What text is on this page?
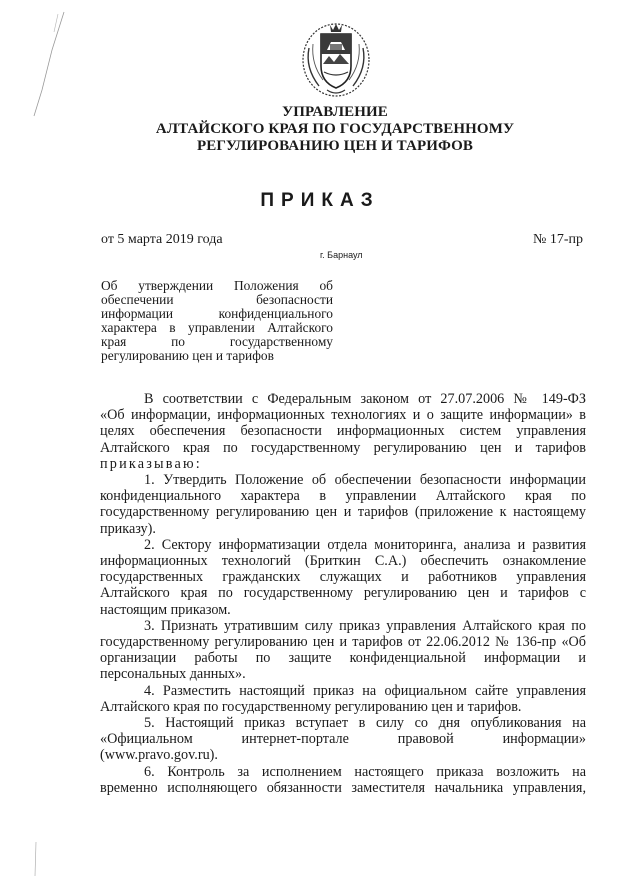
УПРАВЛЕНИЕ
АЛТАЙСКОГО КРАЯ ПО ГОСУДАРСТВЕННОМУ
РЕГУЛИРОВАНИЮ ЦЕН И ТАРИФОВ
ПРИКАЗ
от 5 марта 2019 года	№ 17-пр
г. Барнаул
Об утверждении Положения об
обеспечении безопасности
информации конфиденциального
характера в управлении Алтайского
края по государственному
регулированию цен и тарифов
В соответствии с Федеральным законом от 27.07.2006 № 149-ФЗ
«Об информации, информационных технологиях и о защите информации» в
целях обеспечения безопасности информационных систем управления
Алтайского края по государственному регулированию цен и тарифов
приказываю:
1. Утвердить Положение об обеспечении безопасности информации
конфиденциального характера в управлении Алтайского края по
государственному регулированию цен и тарифов (приложение к настоящему
приказу).
2. Сектору информатизации отдела мониторинга, анализа и развития
информационных технологий (Бриткин С.А.) обеспечить ознакомление
государственных гражданских служащих и работников управления
Алтайского края по государственному регулированию цен и тарифов с
настоящим приказом.
3. Признать утратившим силу приказ управления Алтайского края по
государственному регулированию цен и тарифов от 22.06.2012 № 136-пр «Об
организации работы по защите конфиденциальной информации и
персональных данных».
4. Разместить настоящий приказ на официальном сайте управления
Алтайского края по государственному регулированию цен и тарифов.
5. Настоящий приказ вступает в силу со дня опубликования на
«Официальном интернет-портале правовой информации»
(www.pravo.gov.ru).
6. Контроль за исполнением настоящего приказа возложить на
временно исполняющего обязанности заместителя начальника управления,
